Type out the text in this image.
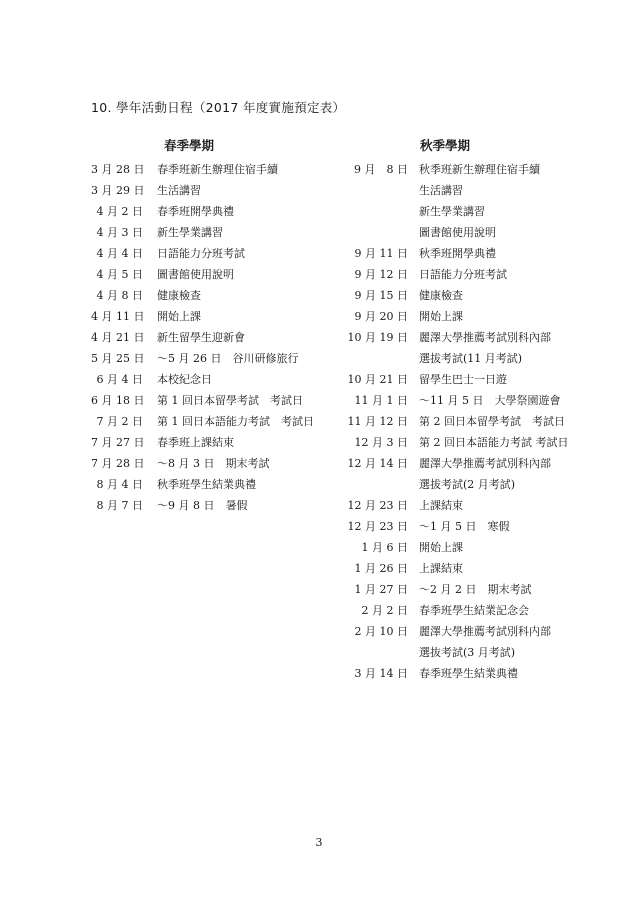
10. 學年活動日程（2017 年度實施預定表）
春季學期	秋季學期
3 月 28 日 春季班新生辦理住宿手續
3 月 29 日 生活講習
4 月 2 日 春季班開學典禮
4 月 3 日 新生學業講習
4 月 4 日 日語能力分班考試
4 月 5 日 圖書館使用說明
4 月 8 日 健康檢查
4 月 11 日 開始上課
4 月 21 日 新生留學生迎新會
5 月 25 日 ～5 月 26 日　谷川研修旅行
6 月 4 日 本校紀念日
6 月 18 日 第 1 回日本留學考試　考試日
7 月 2 日 第 1 回日本語能力考試　考試日
7 月 27 日 春季班上課結束
7 月 28 日 ～8 月 3 日　期末考試
8 月 4 日 秋季班學生結業典禮
8 月 7 日 ～9 月 8 日　暑假
9 月　8 日 秋季班新生辦理住宿手續
生活講習
新生學業講習
圖書館使用說明
9 月 11 日 秋季班開學典禮
9 月 12 日 日語能力分班考試
9 月 15 日 健康檢查
9 月 20 日 開始上課
10 月 19 日 麗澤大學推薦考試別科內部
選拔考試(11 月考試)
10 月 21 日 留學生巴士一日遊
11 月 1 日 ～11 月 5 日　大學祭園遊會
11 月 12 日 第 2 回日本留學考試　考試日
12 月 3 日 第 2 回日本語能力考試 考試日
12 月 14 日 麗澤大學推薦考試別科內部
選拔考試(2 月考試)
12 月 23 日 上課結束
12 月 23 日 ～1 月 5 日　寒假
1 月 6 日 開始上課
1 月 26 日 上課結束
1 月 27 日 ～2 月 2 日　期末考試
2 月 2 日 春季班學生結業記念会
2 月 10 日 麗澤大學推薦考試別科内部
選抜考試(3 月考試)
3 月 14 日 春季班學生結業典禮
3
